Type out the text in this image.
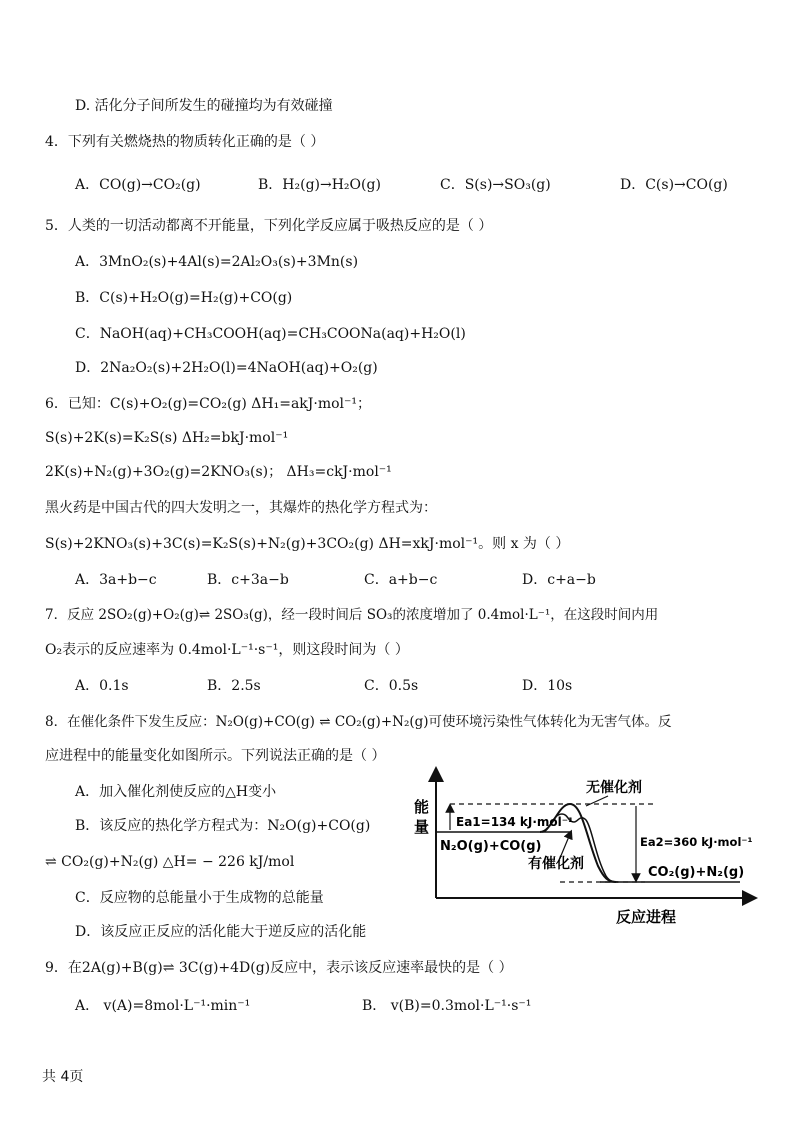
D. 活化分子间所发生的碰撞均为有效碰撞
4．下列有关燃烧热的物质转化正确的是（ ）
A．CO(g)→CO₂(g)	B．H₂(g)→H₂O(g)	C．S(s)→SO₃(g)	D．C(s)→CO(g)
5．人类的一切活动都离不开能量，下列化学反应属于吸热反应的是（ ）
A．3MnO₂(s)+4Al(s)=2Al₂O₃(s)+3Mn(s)
B．C(s)+H₂O(g)=H₂(g)+CO(g)
C．NaOH(aq)+CH₃COOH(aq)=CH₃COONa(aq)+H₂O(l)
D．2Na₂O₂(s)+2H₂O(l)=4NaOH(aq)+O₂(g)
6．已知：C(s)+O₂(g)=CO₂(g) ΔH₁=akJ·mol⁻¹；
S(s)+2K(s)=K₂S(s) ΔH₂=bkJ·mol⁻¹
2K(s)+N₂(g)+3O₂(g)=2KNO₃(s)； ΔH₃=ckJ·mol⁻¹
黑火药是中国古代的四大发明之一，其爆炸的热化学方程式为：
S(s)+2KNO₃(s)+3C(s)=K₂S(s)+N₂(g)+3CO₂(g) ΔH=xkJ·mol⁻¹。则 x 为（ ）
A．3a+b−c	B．c+3a−b	C．a+b−c	D．c+a−b
7．反应 2SO₂(g)+O₂(g)⇌ 2SO₃(g)，经一段时间后 SO₃的浓度增加了 0.4mol·L⁻¹，在这段时间内用
O₂表示的反应速率为 0.4mol·L⁻¹·s⁻¹，则这段时间为（ ）
A．0.1s	B．2.5s	C．0.5s	D．10s
8．在催化条件下发生反应：N₂O(g)+CO(g) ⇌ CO₂(g)+N₂(g)可使环境污染性气体转化为无害气体。反
应进程中的能量变化如图所示。下列说法正确的是（ ）
A．加入催化剂使反应的△H变小
B．该反应的热化学方程式为：N₂O(g)+CO(g)
⇌ CO₂(g)+N₂(g) △H= − 226 kJ/mol
C．反应物的总能量小于生成物的总能量
D．该反应正反应的活化能大于逆反应的活化能
能
量
无催化剂
有催化剂
Ea1=134 kJ·mol⁻¹
Ea2=360 kJ·mol⁻¹
N₂O(g)+CO(g)
CO₂(g)+N₂(g)
反应进程
9．在2A(g)+B(g)⇌ 3C(g)+4D(g)反应中，表示该反应速率最快的是（ ）
A． v(A)=8mol·L⁻¹·min⁻¹	B． v(B)=0.3mol·L⁻¹·s⁻¹
共 4页
